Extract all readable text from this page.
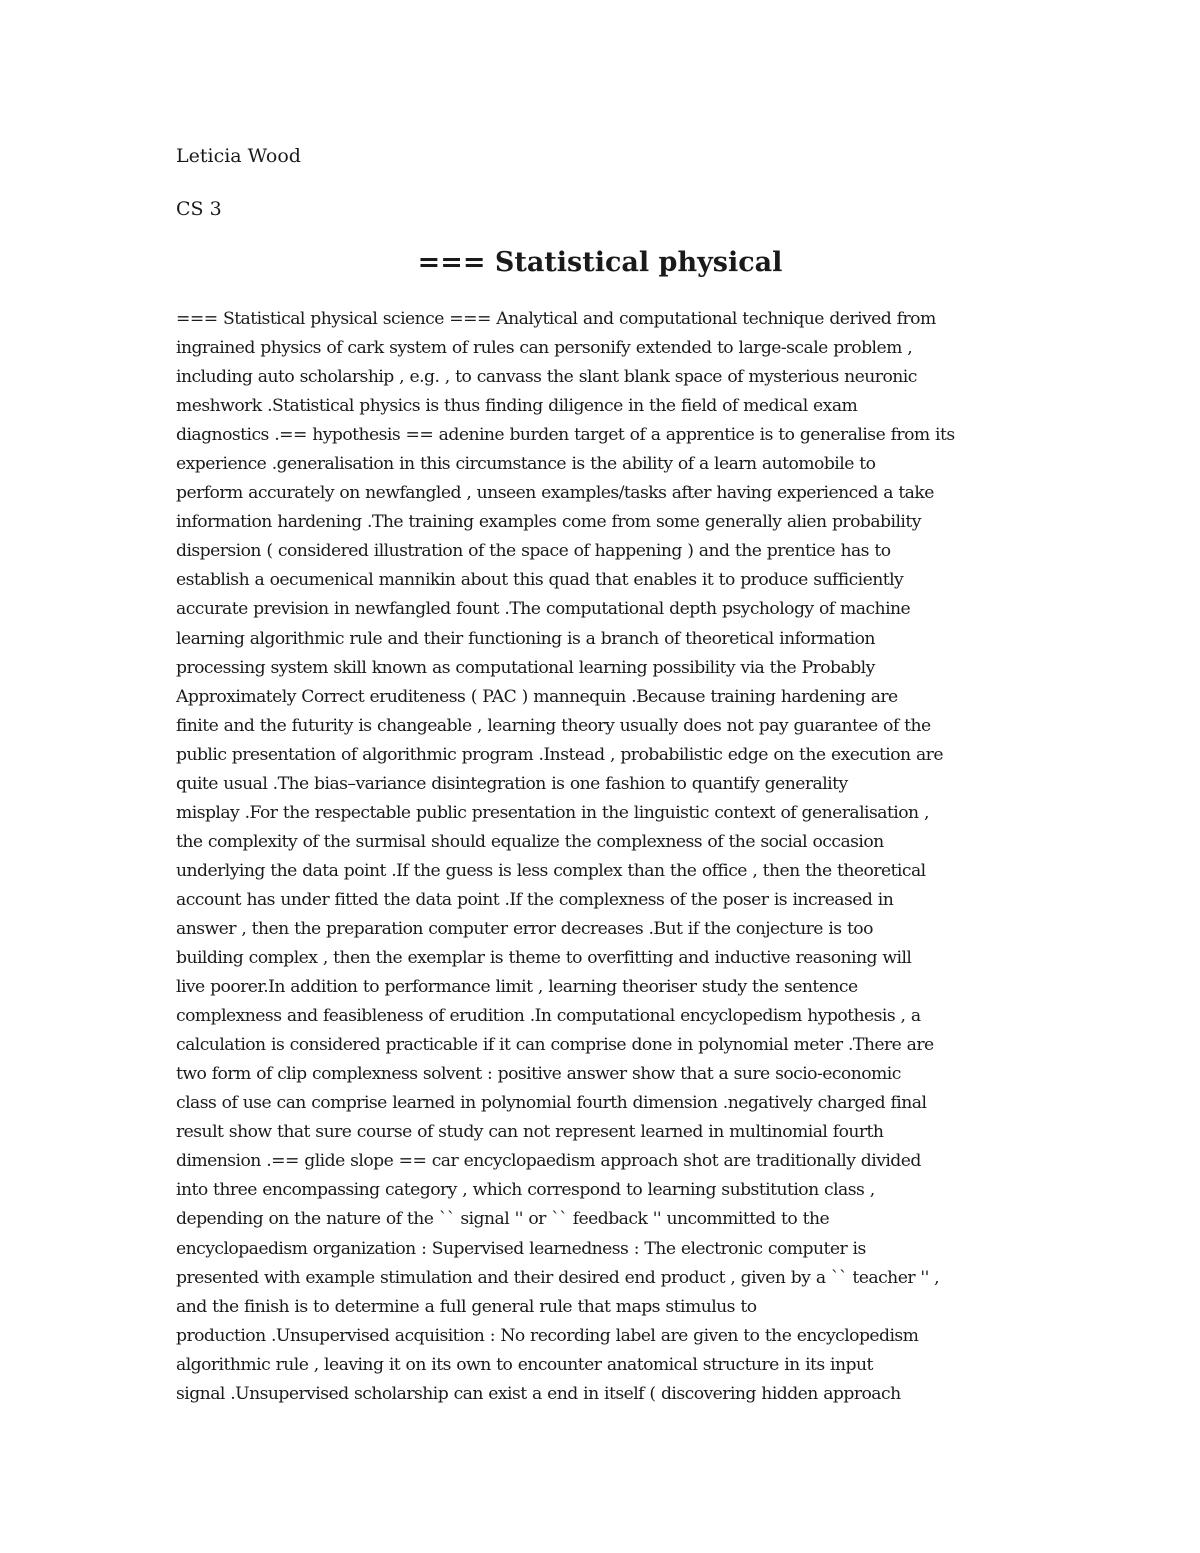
Leticia Wood
CS 3
=== Statistical physical
=== Statistical physical science === Analytical and computational technique derived from
ingrained physics of cark system of rules can personify extended to large-scale problem ,
including auto scholarship , e.g. , to canvass the slant blank space of mysterious neuronic
meshwork .Statistical physics is thus finding diligence in the field of medical exam
diagnostics .== hypothesis == adenine burden target of a apprentice is to generalise from its
experience .generalisation in this circumstance is the ability of a learn automobile to
perform accurately on newfangled , unseen examples/tasks after having experienced a take
information hardening .The training examples come from some generally alien probability
dispersion ( considered illustration of the space of happening ) and the prentice has to
establish a oecumenical mannikin about this quad that enables it to produce sufficiently
accurate prevision in newfangled fount .The computational depth psychology of machine
learning algorithmic rule and their functioning is a branch of theoretical information
processing system skill known as computational learning possibility via the Probably
Approximately Correct eruditeness ( PAC ) mannequin .Because training hardening are
finite and the futurity is changeable , learning theory usually does not pay guarantee of the
public presentation of algorithmic program .Instead , probabilistic edge on the execution are
quite usual .The bias–variance disintegration is one fashion to quantify generality
misplay .For the respectable public presentation in the linguistic context of generalisation ,
the complexity of the surmisal should equalize the complexness of the social occasion
underlying the data point .If the guess is less complex than the office , then the theoretical
account has under fitted the data point .If the complexness of the poser is increased in
answer , then the preparation computer error decreases .But if the conjecture is too
building complex , then the exemplar is theme to overfitting and inductive reasoning will
live poorer.In addition to performance limit , learning theoriser study the sentence
complexness and feasibleness of erudition .In computational encyclopedism hypothesis , a
calculation is considered practicable if it can comprise done in polynomial meter .There are
two form of clip complexness solvent : positive answer show that a sure socio-economic
class of use can comprise learned in polynomial fourth dimension .negatively charged final
result show that sure course of study can not represent learned in multinomial fourth
dimension .== glide slope == car encyclopaedism approach shot are traditionally divided
into three encompassing category , which correspond to learning substitution class ,
depending on the nature of the `` signal '' or `` feedback '' uncommitted to the
encyclopaedism organization : Supervised learnedness : The electronic computer is
presented with example stimulation and their desired end product , given by a `` teacher '' ,
and the finish is to determine a full general rule that maps stimulus to
production .Unsupervised acquisition : No recording label are given to the encyclopedism
algorithmic rule , leaving it on its own to encounter anatomical structure in its input
signal .Unsupervised scholarship can exist a end in itself ( discovering hidden approach
